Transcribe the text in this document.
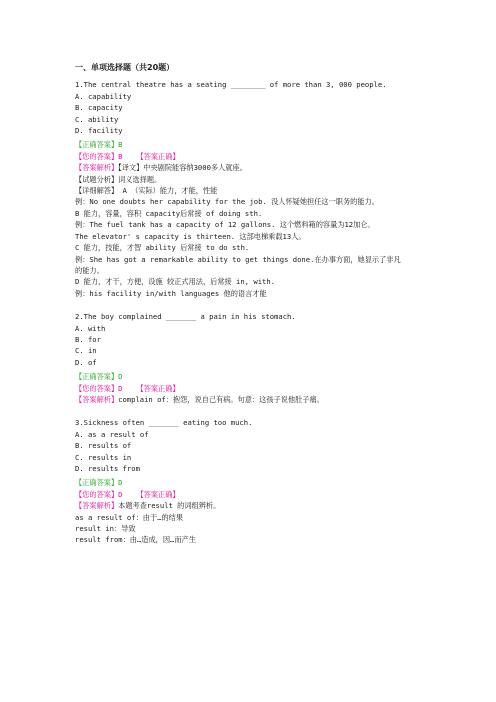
一、单项选择题（共20题）
1.The central theatre has a seating ________ of more than 3, 000 people.
A. capability
B. capacity
C. ability
D. facility
【正确答案】B
【您的答案】B 【答案正确】
【答案解析】【译文】中央剧院能容纳3000多人就座。
【试题分析】词义选择题。
【详细解答】 A （实际）能力，才能，性能
例：No one doubts her capability for the job. 没人怀疑她担任这一职务的能力。
B 能力，容量，容积 capacity后常接 of doing sth.
例：The fuel tank has a capacity of 12 gallons. 这个燃料箱的容量为12加仑。
The elevator' s capacity is thirteen. 这部电梯乘载13人。
C 能力，技能，才智 ability 后常接 to do sth.
例：She has got a remarkable ability to get things done.在办事方面，她显示了非凡
的能力。
D 能力，才干，方便，设施 较正式用法，后常接 in, with.
例：his facility in/with languages 他的语言才能
2.The boy complained _______ a pain in his stomach.
A. with
B. for
C. in
D. of
【正确答案】D
【您的答案】D 【答案正确】
【答案解析】complain of：抱怨，说自己有病。句意：这孩子说他肚子痛。
3.Sickness often _______ eating too much.
A. as a result of
B. results of
C. results in
D. results from
【正确答案】D
【您的答案】D 【答案正确】
【答案解析】本题考查result 的词组辨析。
as a result of：由于…的结果
result in：导致
result from：由…造成，因…而产生
